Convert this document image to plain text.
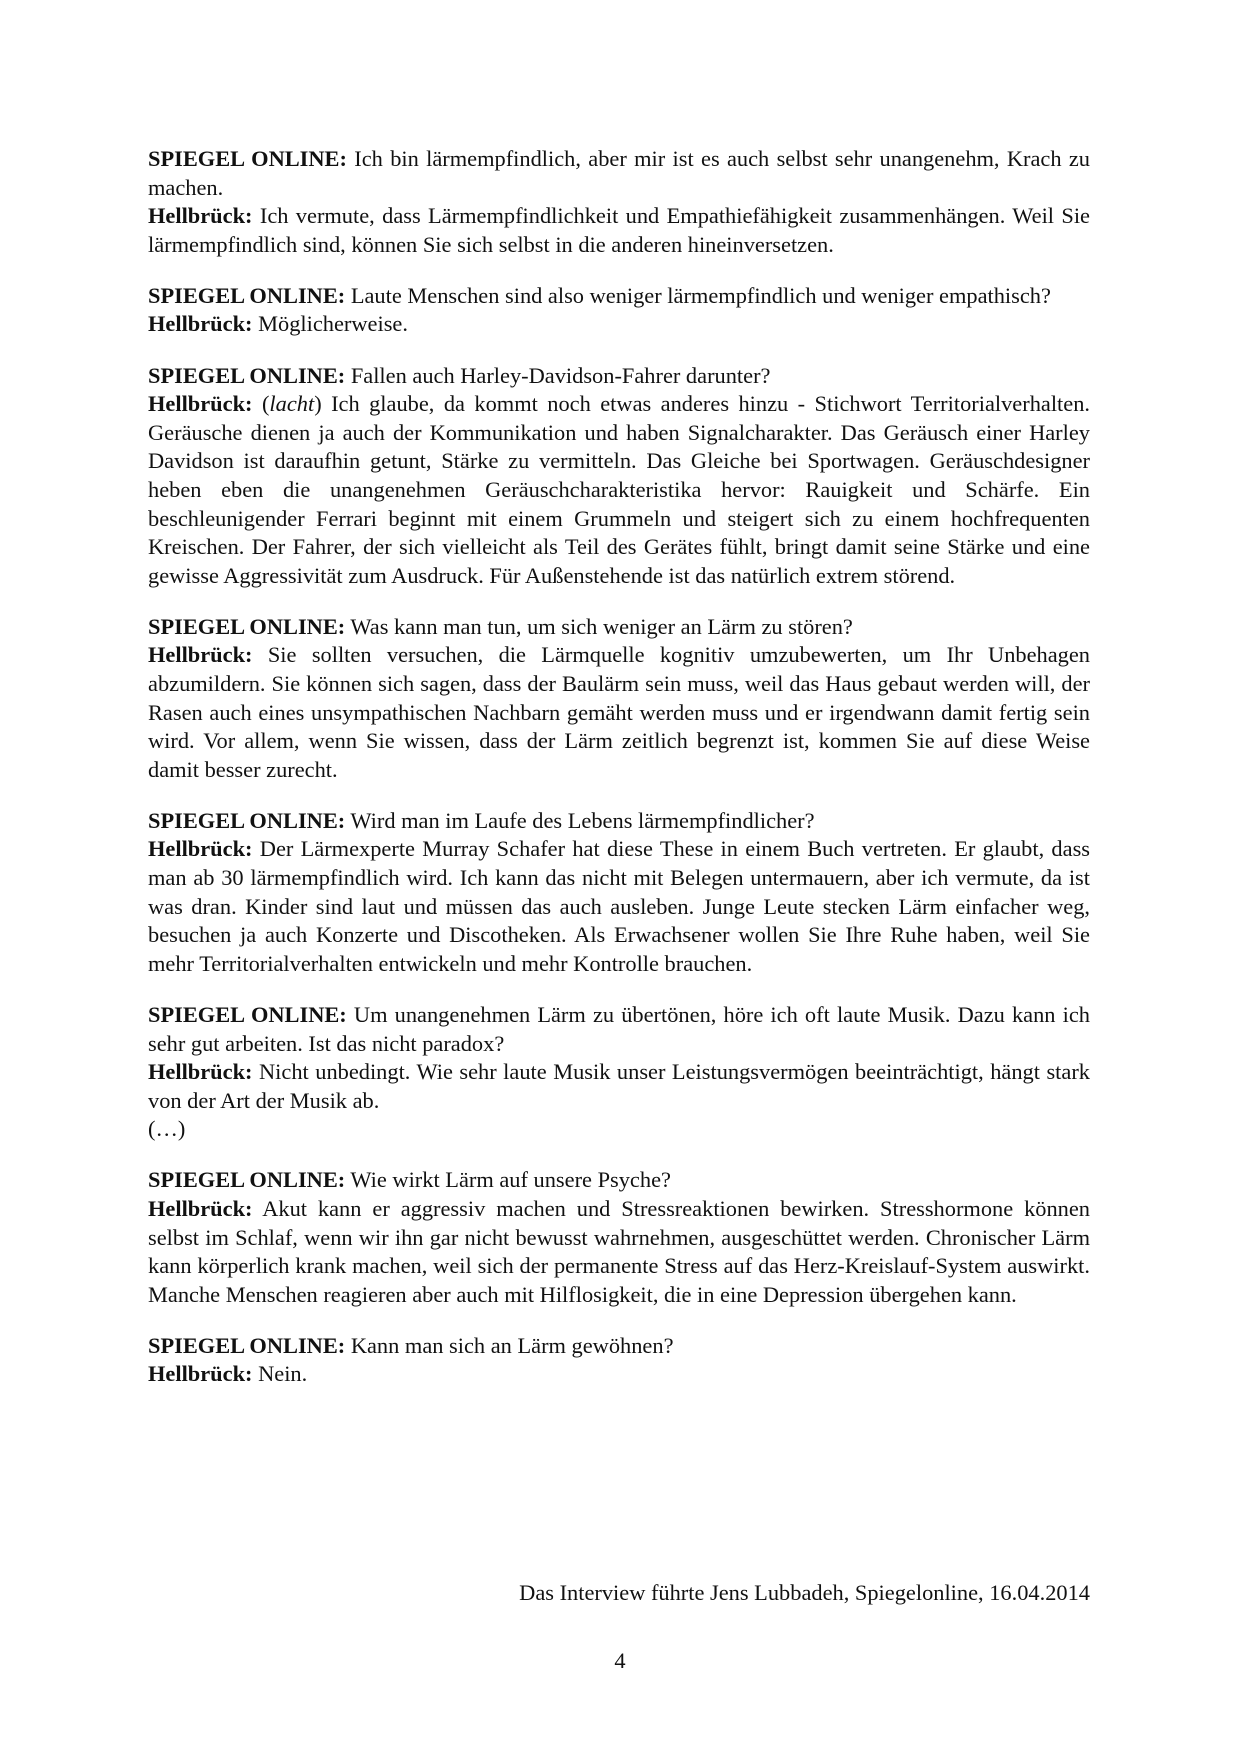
SPIEGEL ONLINE: Ich bin lärmempfindlich, aber mir ist es auch selbst sehr unangenehm, Krach zu machen.

Hellbrück: Ich vermute, dass Lärmempfindlichkeit und Empathiefähigkeit zusammenhängen. Weil Sie lärmempfindlich sind, können Sie sich selbst in die anderen hineinversetzen.

SPIEGEL ONLINE: Laute Menschen sind also weniger lärmempfindlich und weniger empathisch?

Hellbrück: Möglicherweise.

SPIEGEL ONLINE: Fallen auch Harley-Davidson-Fahrer darunter?

Hellbrück: (lacht) Ich glaube, da kommt noch etwas anderes hinzu - Stichwort Territorialverhalten. Geräusche dienen ja auch der Kommunikation und haben Signalcharakter. Das Geräusch einer Harley Davidson ist daraufhin getunt, Stärke zu vermitteln. Das Gleiche bei Sportwagen. Geräuschdesigner heben eben die unangenehmen Geräuschcharakteristika hervor: Rauigkeit und Schärfe. Ein beschleunigender Ferrari beginnt mit einem Grummeln und steigert sich zu einem hochfrequenten Kreischen. Der Fahrer, der sich vielleicht als Teil des Gerätes fühlt, bringt damit seine Stärke und eine gewisse Aggressivität zum Ausdruck. Für Außenstehende ist das natürlich extrem störend.

SPIEGEL ONLINE: Was kann man tun, um sich weniger an Lärm zu stören?

Hellbrück: Sie sollten versuchen, die Lärmquelle kognitiv umzubewerten, um Ihr Unbehagen abzumildern. Sie können sich sagen, dass der Baulärm sein muss, weil das Haus gebaut werden will, der Rasen auch eines unsympathischen Nachbarn gemäht werden muss und er irgendwann damit fertig sein wird. Vor allem, wenn Sie wissen, dass der Lärm zeitlich begrenzt ist, kommen Sie auf diese Weise damit besser zurecht.

SPIEGEL ONLINE: Wird man im Laufe des Lebens lärmempfindlicher?

Hellbrück: Der Lärmexperte Murray Schafer hat diese These in einem Buch vertreten. Er glaubt, dass man ab 30 lärmempfindlich wird. Ich kann das nicht mit Belegen untermauern, aber ich vermute, da ist was dran. Kinder sind laut und müssen das auch ausleben. Junge Leute stecken Lärm einfacher weg, besuchen ja auch Konzerte und Discotheken. Als Erwachsener wollen Sie Ihre Ruhe haben, weil Sie mehr Territorialverhalten entwickeln und mehr Kontrolle brauchen.

SPIEGEL ONLINE: Um unangenehmen Lärm zu übertönen, höre ich oft laute Musik. Dazu kann ich sehr gut arbeiten. Ist das nicht paradox?

Hellbrück: Nicht unbedingt. Wie sehr laute Musik unser Leistungsvermögen beeinträchtigt, hängt stark von der Art der Musik ab.

(…)

SPIEGEL ONLINE: Wie wirkt Lärm auf unsere Psyche?

Hellbrück: Akut kann er aggressiv machen und Stressreaktionen bewirken. Stresshormone können selbst im Schlaf, wenn wir ihn gar nicht bewusst wahrnehmen, ausgeschüttet werden. Chronischer Lärm kann körperlich krank machen, weil sich der permanente Stress auf das Herz-Kreislauf-System auswirkt. Manche Menschen reagieren aber auch mit Hilflosigkeit, die in eine Depression übergehen kann.

SPIEGEL ONLINE: Kann man sich an Lärm gewöhnen?

Hellbrück: Nein.

Das Interview führte Jens Lubbadeh, Spiegelonline, 16.04.2014
4
